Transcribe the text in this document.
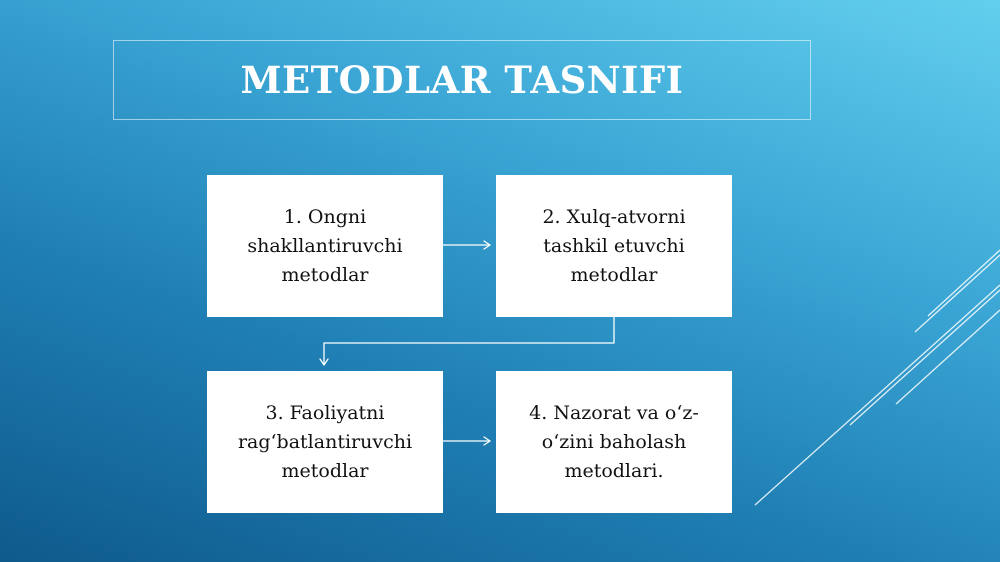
METODLAR TASNIFI
1. Ongni shakllantiruvchi metodlar
2. Xulq-atvorni tashkil etuvchi metodlar
3. Faoliyatni rag‘batlantiruvchi metodlar
4. Nazorat va o‘z-o‘zini baholash metodlari.
